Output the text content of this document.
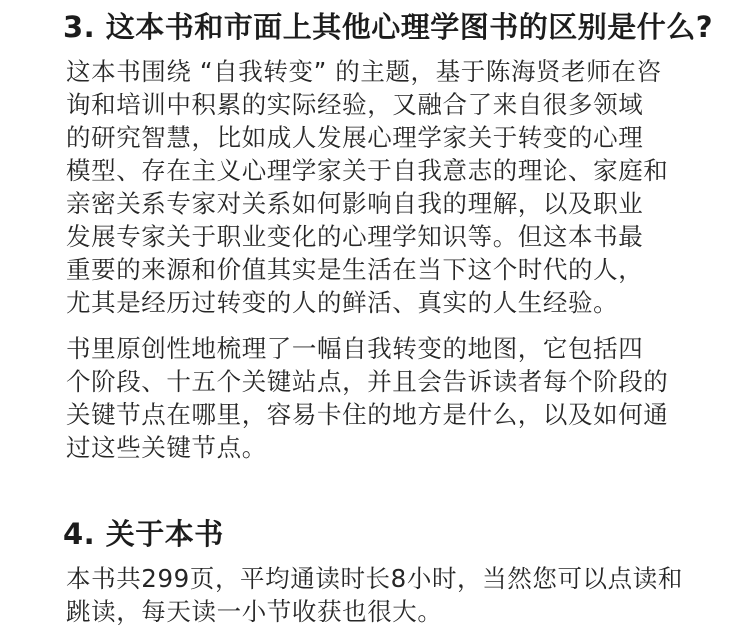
3. 这本书和市面上其他心理学图书的区别是什么?

这本书围绕 “自我转变” 的主题，基于陈海贤老师在咨

询和培训中积累的实际经验，又融合了来自很多领域

的研究智慧，比如成人发展心理学家关于转变的心理

模型、存在主义心理学家关于自我意志的理论、家庭和

亲密关系专家对关系如何影响自我的理解，以及职业

发展专家关于职业变化的心理学知识等。但这本书最

重要的来源和价值其实是生活在当下这个时代的人，

尤其是经历过转变的人的鲜活、真实的人生经验。

书里原创性地梳理了一幅自我转变的地图，它包括四

个阶段、十五个关键站点，并且会告诉读者每个阶段的

关键节点在哪里，容易卡住的地方是什么，以及如何通

过这些关键节点。

4. 关于本书

本书共299页，平均通读时长8小时，当然您可以点读和

跳读，每天读一小节收获也很大。
